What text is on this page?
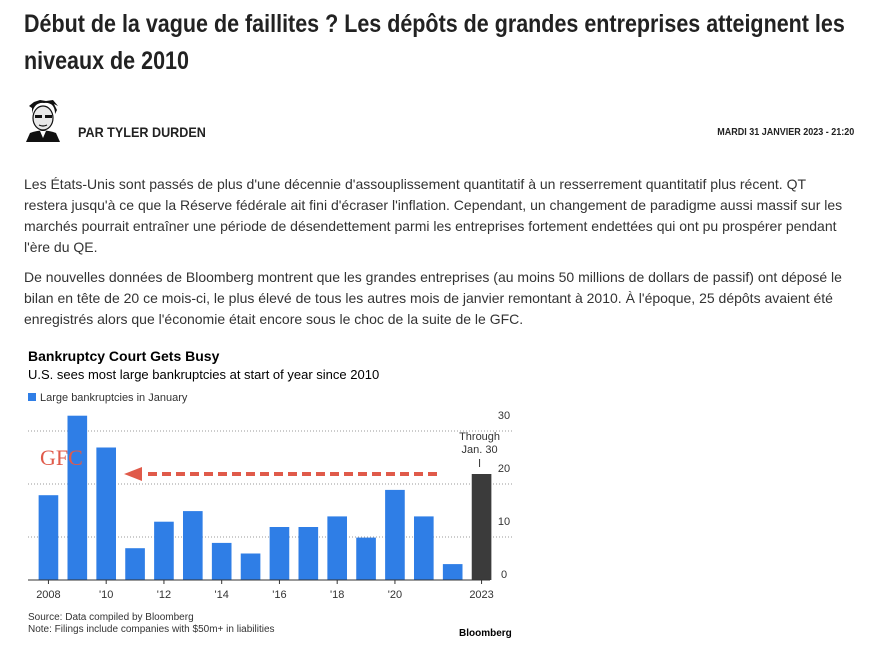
Début de la vague de faillites ? Les dépôts de grandes entreprises atteignent les niveaux de 2010
PAR TYLER DURDEN	MARDI 31 JANVIER 2023 - 21:20

Les États-Unis sont passés de plus d'une décennie d'assouplissement quantitatif à un resserrement quantitatif plus récent. QT restera jusqu'à ce que la Réserve fédérale ait fini d'écraser l'inflation. Cependant, un changement de paradigme aussi massif sur les marchés pourrait entraîner une période de désendettement parmi les entreprises fortement endettées qui ont pu prospérer pendant l'ère du QE.

De nouvelles données de Bloomberg montrent que les grandes entreprises (au moins 50 millions de dollars de passif) ont déposé le bilan en tête de 20 ce mois-ci, le plus élevé de tous les autres mois de janvier remontant à 2010. À l'époque, 25 dépôts avaient été enregistrés alors que l'économie était encore sous le choc de la suite de le GFC.

0
10
20
30
2008	'10	'12	'14	'16	'18	'20	2023
Through
Jan. 30
GFC
Bankruptcy Court Gets Busy
U.S. sees most large bankruptcies at start of year since 2010
Large bankruptcies in January
Source: Data compiled by Bloomberg
Note: Filings include companies with $50m+ in liabilities	Bloomberg
